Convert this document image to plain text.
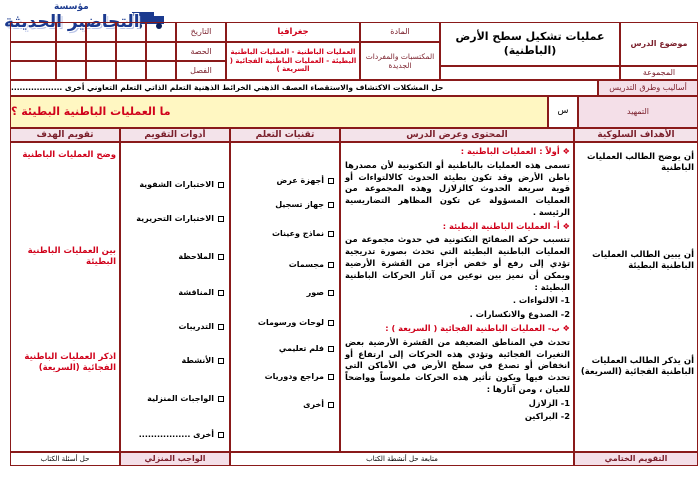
مؤسسة
التحاضير الحديثة
موضوع الدرس
عمليات تشكيل سطح الأرض (الباطنية)
المادة
جغرافيا
التاريخ
المكتسبات والمفردات الجديدة
العمليات الباطنية - العمليات الباطنية البطيئة - العمليات الباطنية الفجائية ( السريعة )
الحصة
الفصل	المجموعة
أساليب وطرق التدريس
حل المشكلات الاكتشاف والاستقصاء العصف الذهني الخرائط الذهنية التعلم الذاتي التعلم التعاوني أخرى ..................
التمهيد
س
ما العمليات الباطنية البطيئة ؟
الأهداف السلوكية
المحتوى وعرض الدرس
تقنيات التعلم
أدوات التقويم
تقويم الهدف
أن يوضح الطالب العمليات الباطنية
أن يبين الطالب العمليات الباطنية البطيئة
أن يذكر الطالب العمليات الباطنية الفجائية (السريعة)

❖ أولاً : العمليات الباطنية :

تسمى هذه العمليات بالباطنية أو التكتونية لأن مصدرها باطن الأرض وقد تكون بطيئة الحدوث كالالتواءات أو قوية سريعة الحدوث كالزلازل وهذه المجموعة من العمليات المسؤولة عن تكون المظاهر التضاريسية الرئيسة .

❖ أ- العمليات الباطنية البطيئة :

تتسبب حركة الصفائح التكتونية في حدوث مجموعة من العمليات الباطنية البطيئة التي تحدث بصورة تدريجية تؤدي إلى رفع أو خفض أجزاء من القشرة الأرضية ويمكن أن نميز بين نوعين من آثار الحركات الباطنية البطيئة :

1- الالتواءات .

2- الصدوع والانكسارات .

❖ ب- العمليات الباطنية الفجائية ( السريعة ) :

تحدث في المناطق الضعيفة من القشرة الأرضية بعض التغيرات الفجائية وتؤدي هذه الحركات إلى ارتفاع أو انخفاض أو تصدع في سطح الأرض في الأماكن التي تحدث فيها ويكون تأثير هذه الحركات ملموساً وواضحاً للعيان ، ومن آثارها :

1- الزلازل

2- البراكين

أجهزة عرض
جهاز تسجيل
نماذج وعينات
مجسمات
صور
لوحات ورسومات
فلم تعليمي
مراجع ودوريات
أخرى
الاختبارات الشفوية
الاختبارات التحريرية
الملاحظة
المناقشة
التدريبات
الأنشطة
الواجبات المنزلية
أخرى .................
وضح العمليات الباطنية
بين العمليات الباطنية البطيئة
اذكر العمليات الباطنية الفجائية (السريعة)
التقويم الختامي
متابعة حل أنشطة الكتاب
الواجب المنزلي
حل أسئلة الكتاب
